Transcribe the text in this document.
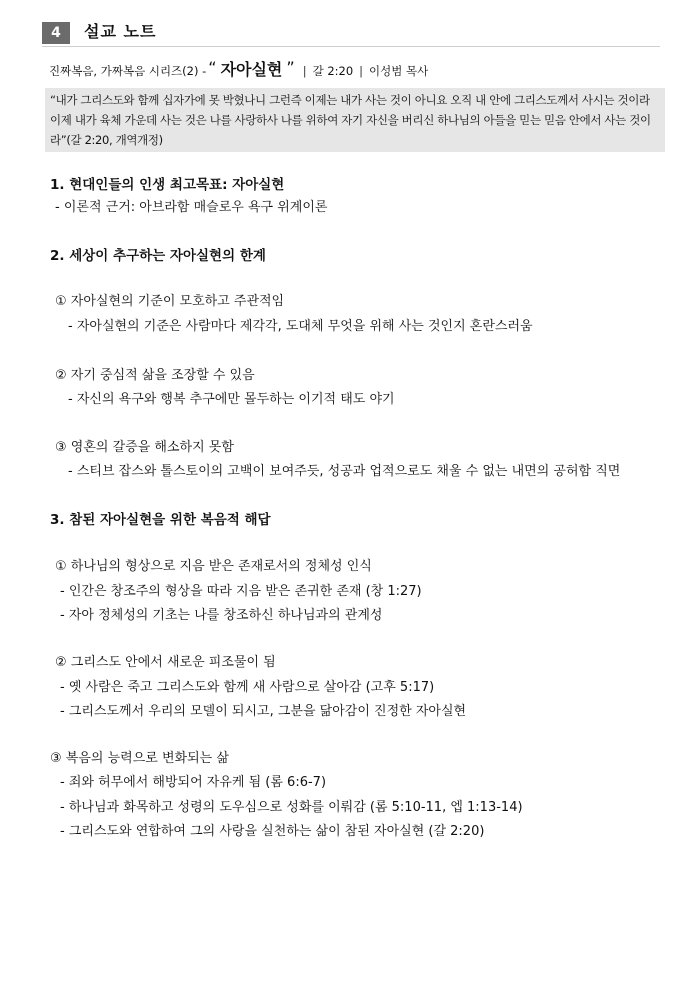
4	설교 노트
진짜복음, 가짜복음 시리즈(2) - “ 자아실현 ” | 갈 2:20 | 이성범 목사
“내가 그리스도와 함께 십자가에 못 박혔나니 그런즉 이제는 내가 사는 것이 아니요 오직 내 안에 그리스도께서 사시는 것이라 이제 내가 육체 가운데 사는 것은 나를 사랑하사 나를 위하여 자기 자신을 버리신 하나님의 아들을 믿는 믿음 안에서 사는 것이라”(갈 2:20, 개역개정)
1. 현대인들의 인생 최고목표: 자아실현
- 이론적 근거: 아브라함 매슬로우 욕구 위계이론
2. 세상이 추구하는 자아실현의 한계
① 자아실현의 기준이 모호하고 주관적임
- 자아실현의 기준은 사람마다 제각각, 도대체 무엇을 위해 사는 것인지 혼란스러움
② 자기 중심적 삶을 조장할 수 있음
- 자신의 욕구와 행복 추구에만 몰두하는 이기적 태도 야기
③ 영혼의 갈증을 해소하지 못함
- 스티브 잡스와 톨스토이의 고백이 보여주듯, 성공과 업적으로도 채울 수 없는 내면의 공허함 직면
3. 참된 자아실현을 위한 복음적 해답
① 하나님의 형상으로 지음 받은 존재로서의 정체성 인식
- 인간은 창조주의 형상을 따라 지음 받은 존귀한 존재 (창 1:27)
- 자아 정체성의 기초는 나를 창조하신 하나님과의 관계성
② 그리스도 안에서 새로운 피조물이 됨
- 옛 사람은 죽고 그리스도와 함께 새 사람으로 살아감 (고후 5:17)
- 그리스도께서 우리의 모델이 되시고, 그분을 닮아감이 진정한 자아실현
③ 복음의 능력으로 변화되는 삶
- 죄와 허무에서 해방되어 자유케 됨 (롬 6:6-7)
- 하나님과 화목하고 성령의 도우심으로 성화를 이뤄감 (롬 5:10-11, 엡 1:13-14)
- 그리스도와 연합하여 그의 사랑을 실천하는 삶이 참된 자아실현 (갈 2:20)
